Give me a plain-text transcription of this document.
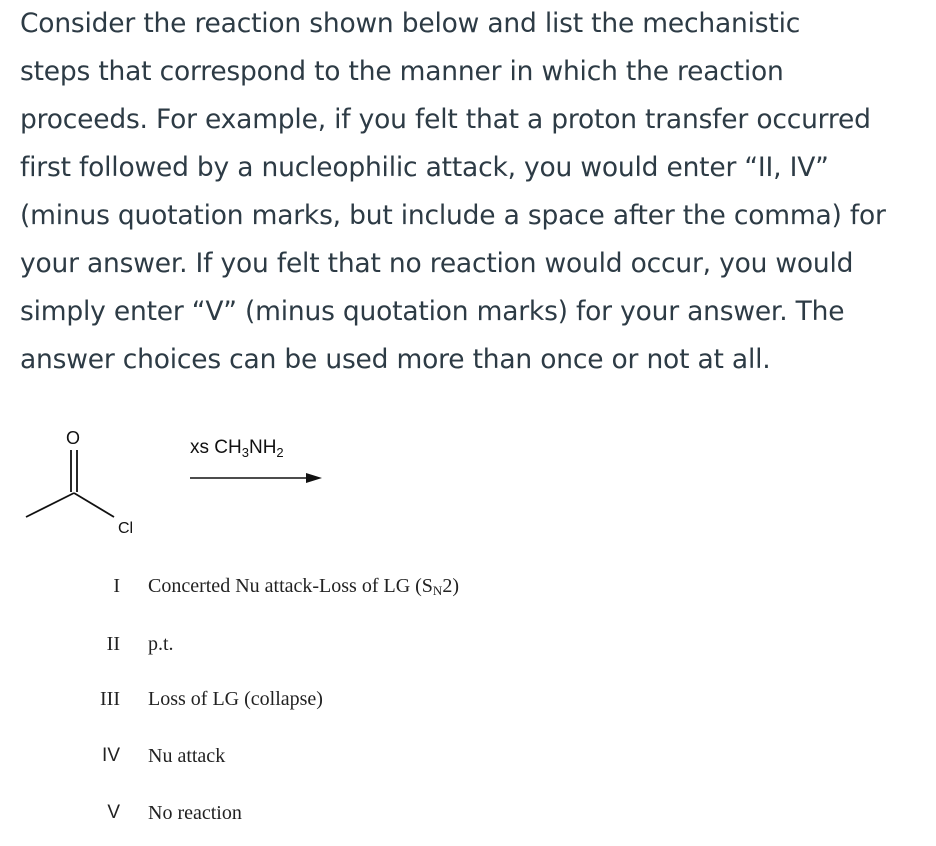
Consider the reaction shown below and list the mechanistic
steps that correspond to the manner in which the reaction
proceeds. For example, if you felt that a proton transfer occurred
first followed by a nucleophilic attack, you would enter “II, IV”
(minus quotation marks, but include a space after the comma) for
your answer. If you felt that no reaction would occur, you would
simply enter “V” (minus quotation marks) for your answer. The
answer choices can be used more than once or not at all.
O
Cl
xs $CH_3NH_2$
I Concerted Nu attack-Loss of LG $(S_N2)$
II p.t.
III Loss of LG (collapse)
IV Nu attack
V No reaction
